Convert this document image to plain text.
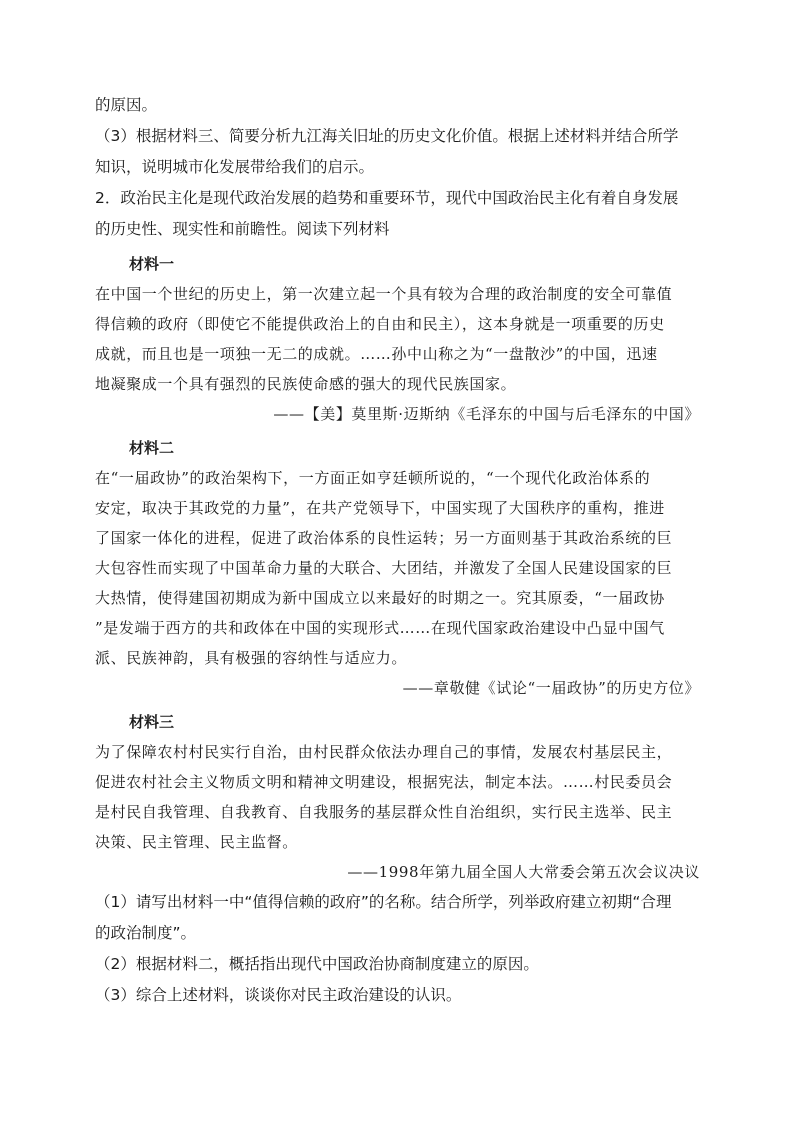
的原因。

（3）根据材料三、简要分析九江海关旧址的历史文化价值。根据上述材料并结合所学

知识，说明城市化发展带给我们的启示。

2．政治民主化是现代政治发展的趋势和重要环节，现代中国政治民主化有着自身发展

的历史性、现实性和前瞻性。阅读下列材料

材料一

在中国一个世纪的历史上，第一次建立起一个具有较为合理的政治制度的安全可靠值

得信赖的政府（即使它不能提供政治上的自由和民主），这本身就是一项重要的历史

成就，而且也是一项独一无二的成就。……孙中山称之为“一盘散沙”的中国，迅速

地凝聚成一个具有强烈的民族使命感的强大的现代民族国家。

——【美】莫里斯·迈斯纳《毛泽东的中国与后毛泽东的中国》

材料二

在“一届政协”的政治架构下，一方面正如亨廷顿所说的，“一个现代化政治体系的

安定，取决于其政党的力量”，在共产党领导下，中国实现了大国秩序的重构，推进

了国家一体化的进程，促进了政治体系的良性运转；另一方面则基于其政治系统的巨

大包容性而实现了中国革命力量的大联合、大团结，并激发了全国人民建设国家的巨

大热情，使得建国初期成为新中国成立以来最好的时期之一。究其原委，“一届政协

”是发端于西方的共和政体在中国的实现形式……在现代国家政治建设中凸显中国气

派、民族神韵，具有极强的容纳性与适应力。

——章敬健《试论“一届政协”的历史方位》

材料三

为了保障农村村民实行自治，由村民群众依法办理自己的事情，发展农村基层民主，

促进农村社会主义物质文明和精神文明建设，根据宪法，制定本法。……村民委员会

是村民自我管理、自我教育、自我服务的基层群众性自治组织，实行民主选举、民主

决策、民主管理、民主监督。

——1998年第九届全国人大常委会第五次会议决议

（1）请写出材料一中“值得信赖的政府”的名称。结合所学，列举政府建立初期“合理

的政治制度”。

（2）根据材料二，概括指出现代中国政治协商制度建立的原因。

（3）综合上述材料，谈谈你对民主政治建设的认识。
